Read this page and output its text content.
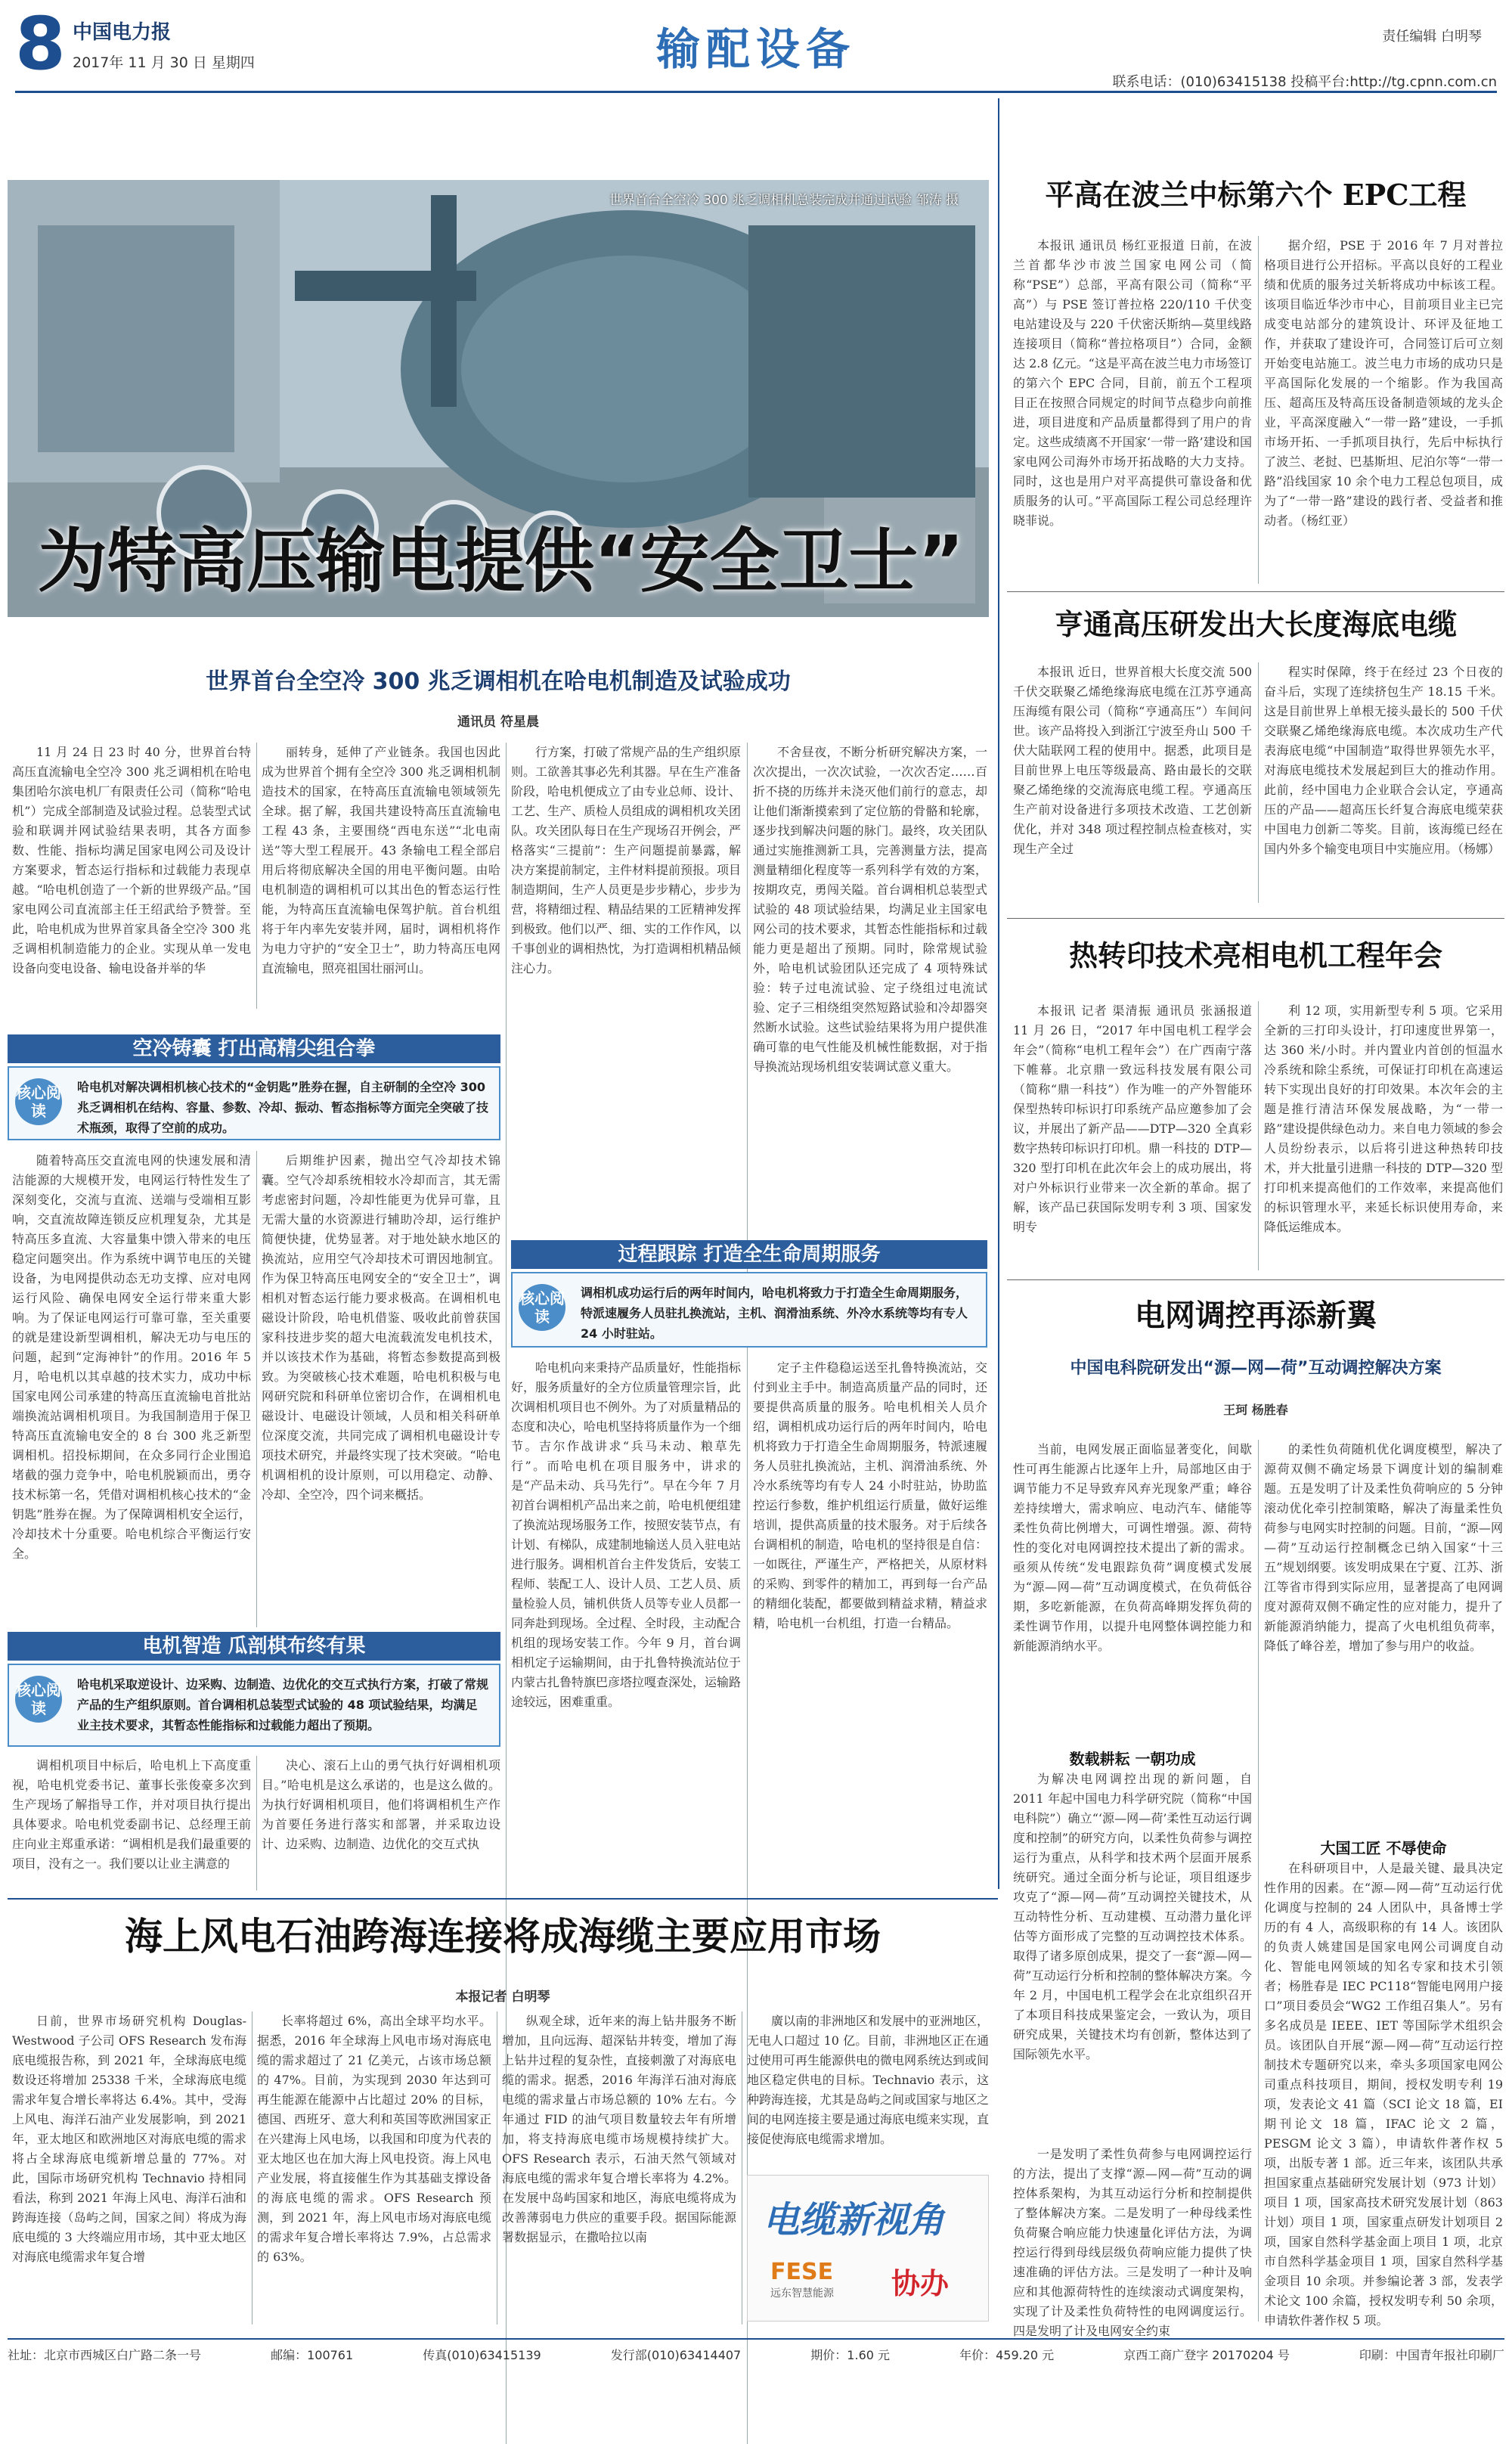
8 中国电力报
2017年 11 月 30 日 星期四	输配设备	责任编辑 白明琴
联系电话：(010)63415138 投稿平台:http://tg.cpnn.com.cn
世界首台全空冷 300 兆乏调相机总装完成并通过试验 邹涛 摄
为特高压输电提供“安全卫士”
世界首台全空冷 300 兆乏调相机在哈电机制造及试验成功
通讯员 符星晨
11 月 24 日 23 时 40 分，世界首台特高压直流输电全空冷 300 兆乏调相机在哈电集团哈尔滨电机厂有限责任公司（简称“哈电机”）完成全部制造及试验过程。总装型式试验和联调并网试验结果表明，其各方面参数、性能、指标均满足国家电网公司及设计方案要求，暂态运行指标和过载能力表现卓越。“哈电机创造了一个新的世界级产品。”国家电网公司直流部主任王绍武给予赞誉。至此，哈电机成为世界首家具备全空冷 300 兆乏调相机制造能力的企业。实现从单一发电设备向变电设备、输电设备并举的华
丽转身，延伸了产业链条。我国也因此成为世界首个拥有全空冷 300 兆乏调相机制造技术的国家，在特高压直流输电领域领先全球。据了解，我国共建设特高压直流输电工程 43 条，主要围绕“西电东送”“北电南送”等大型工程展开。43 条输电工程全部启用后将彻底解决全国的用电平衡问题。由哈电机制造的调相机可以其出色的暂态运行性能，为特高压直流输电保驾护航。首台机组将于年内率先安装并网，届时，调相机将作为电力守护的“安全卫士”，助力特高压电网直流输电，照亮祖国壮丽河山。
空冷铸囊 打出高精尖组合拳
核心阅读
哈电机对解决调相机核心技术的“金钥匙”胜券在握，自主研制的全空冷 300 兆乏调相机在结构、容量、参数、冷却、振动、暂态指标等方面完全突破了技术瓶颈，取得了空前的成功。
随着特高压交直流电网的快速发展和清洁能源的大规模开发，电网运行特性发生了深刻变化，交流与直流、送端与受端相互影响，交直流故障连锁反应机理复杂，尤其是特高压多直流、大容量集中馈入带来的电压稳定问题突出。作为系统中调节电压的关键设备，为电网提供动态无功支撑、应对电网运行风险、确保电网安全运行带来重大影响。为了保证电网运行可靠可靠，至关重要的就是建设新型调相机，解决无功与电压的问题，起到“定海神针”的作用。2016 年 5 月，哈电机以其卓越的技术实力，成功中标国家电网公司承建的特高压直流输电首批站端换流站调相机项目。为我国制造用于保卫特高压直流输电安全的 8 台 300 兆乏新型调相机。招投标期间，在众多同行企业围追堵截的强力竞争中，哈电机脱颖而出，勇夺技术标第一名，凭借对调相机核心技术的“金钥匙”胜券在握。为了保障调相机安全运行，冷却技术十分重要。哈电机综合平衡运行安全。
后期维护因素，抛出空气冷却技术锦囊。空气冷却系统相较水冷却而言，其无需考虑密封问题，冷却性能更为优异可靠，且无需大量的水资源进行辅助冷却，运行维护简便快捷，优势显著。对于地处缺水地区的换流站，应用空气冷却技术可谓因地制宜。作为保卫特高压电网安全的“安全卫士”，调相机对暂态运行能力要求极高。在调相机电磁设计阶段，哈电机借鉴、吸收此前曾获国家科技进步奖的超大电流载流发电机技术，并以该技术作为基础，将暂态参数提高到极致。为突破核心技术难题，哈电机积极与电网研究院和科研单位密切合作，在调相机电磁设计、电磁设计领域，人员和相关科研单位深度交流，共同完成了调相机电磁设计专项技术研究，并最终实现了技术突破。“哈电机调相机的设计原则，可以用稳定、动静、冷却、全空冷，四个词来概括。
电机智造 瓜剖棋布终有果
核心阅读
哈电机采取逆设计、边采购、边制造、边优化的交互式执行方案，打破了常规产品的生产组织原则。首台调相机总装型式试验的 48 项试验结果，均满足业主技术要求，其暂态性能指标和过载能力超出了预期。
调相机项目中标后，哈电机上下高度重视，哈电机党委书记、董事长张俊豪多次到生产现场了解指导工作，并对项目执行提出具体要求。哈电机党委副书记、总经理王前庄向业主郑重承诺：“调相机是我们最重要的项目，没有之一。我们要以让业主满意的
决心、滚石上山的勇气执行好调相机项目。”哈电机是这么承诺的，也是这么做的。为执行好调相机项目，他们将调相机生产作为首要任务进行落实和部署，并采取边设计、边采购、边制造、边优化的交互式执
行方案，打破了常规产品的生产组织原则。工欲善其事必先利其器。早在生产准备阶段，哈电机便成立了由专业总师、设计、工艺、生产、质检人员组成的调相机攻关团队。攻关团队每日在生产现场召开例会，严格落实“三提前”：生产问题提前暴露，解决方案提前制定，主件材料提前预报。项目制造期间，生产人员更是步步精心，步步为营，将精细过程、精品结果的工匠精神发挥到极致。他们以严、细、实的工作作风，以千事创业的调相热忱，为打造调相机精品倾注心力。
不舍昼夜，不断分析研究解决方案，一次次提出，一次次试验，一次次否定……百折不挠的历练并未浇灭他们前行的意志，却让他们渐渐摸索到了定位筋的骨骼和轮廓，逐步找到解决问题的脉门。最终，攻关团队通过实施推测新工具，完善测量方法，提高测量精细化程度等一系列科学有效的方案，按期攻克，勇闯关隘。首台调相机总装型式试验的 48 项试验结果，均满足业主国家电网公司的技术要求，其暂态性能指标和过载能力更是超出了预期。同时，除常规试验外，哈电机试验团队还完成了 4 项特殊试验：转子过电流试验、定子绕组过电流试验、定子三相绕组突然短路试验和冷却器突然断水试验。这些试验结果将为用户提供准确可靠的电气性能及机械性能数据，对于指导换流站现场机组安装调试意义重大。
过程跟踪 打造全生命周期服务
核心阅读
调相机成功运行后的两年时间内，哈电机将致力于打造全生命周期服务，特派速履务人员驻扎换流站，主机、润滑油系统、外冷水系统等均有专人 24 小时驻站。
哈电机向来秉持产品质量好，性能指标好，服务质量好的全方位质量管理宗旨，此次调相机项目也不例外。为了对质量精品的态度和决心，哈电机坚持将质量作为一个细节。吉尔作战讲求“兵马未动、粮草先行”。而哈电机在项目服务中，讲求的是“产品未动、兵马先行”。早在今年 7 月初首台调相机产品出来之前，哈电机便组建了换流站现场服务工作，按照安装节点，有计划、有梯队，成建制地输送人员入驻电站进行服务。调相机首台主件发货后，安装工程师、装配工人、设计人员、工艺人员、质量检验人员，铺机供货人员等专业人员都一同奔赴到现场。全过程、全时段，主动配合机组的现场安装工作。今年 9 月，首台调相机定子运输期间，由于扎鲁特换流站位于内蒙古扎鲁特旗巴彦塔拉嘎查深处，运输路途较远，困难重重。
定子主件稳稳运送至扎鲁特换流站，交付到业主手中。制造高质量产品的同时，还要提供高质量的服务。哈电机相关人员介绍，调相机成功运行后的两年时间内，哈电机将致力于打造全生命周期服务，特派速履务人员驻扎换流站，主机、润滑油系统、外冷水系统等均有专人 24 小时驻站，协助监控运行参数，维护机组运行质量，做好运维培训，提供高质量的技术服务。对于后续各台调相机的制造，哈电机的坚持很是自信：一如既往，严谨生产，严格把关，从原材料的采购、到零件的精加工，再到每一台产品的精细化装配，都要做到精益求精，精益求精，哈电机一台机组，打造一台精品。
平高在波兰中标第六个 EPC工程
本报讯 通讯员 杨红亚报道 日前，在波兰首都华沙市波兰国家电网公司（简称“PSE”）总部，平高有限公司（简称“平高”）与 PSE 签订普拉格 220/110 千伏变电站建设及与 220 千伏密沃斯纳—莫里线路连接项目（简称“普拉格项目”）合同，金额达 2.8 亿元。“这是平高在波兰电力市场签订的第六个 EPC 合同，目前，前五个工程项目正在按照合同规定的时间节点稳步向前推进，项目进度和产品质量都得到了用户的肯定。这些成绩离不开国家‘一带一路’建设和国家电网公司海外市场开拓战略的大力支持。同时，这也是用户对平高提供可靠设备和优质服务的认可。”平高国际工程公司总经理许晓菲说。
据介绍，PSE 于 2016 年 7 月对普拉格项目进行公开招标。平高以良好的工程业绩和优质的服务过关斩将成功中标该工程。该项目临近华沙市中心，目前项目业主已完成变电站部分的建筑设计、环评及征地工作，并获取了建设许可，合同签订后可立刻开始变电站施工。波兰电力市场的成功只是平高国际化发展的一个缩影。作为我国高压、超高压及特高压设备制造领域的龙头企业，平高深度融入“一带一路”建设，一手抓市场开拓、一手抓项目执行，先后中标执行了波兰、老挝、巴基斯坦、尼泊尔等“一带一路”沿线国家 10 余个电力工程总包项目，成为了“一带一路”建设的践行者、受益者和推动者。（杨红亚）
亨通高压研发出大长度海底电缆
本报讯 近日，世界首根大长度交流 500 千伏交联聚乙烯绝缘海底电缆在江苏亨通高压海缆有限公司（简称“亨通高压”）车间问世。该产品将投入到浙江宁波至舟山 500 千伏大陆联网工程的使用中。据悉，此项目是目前世界上电压等级最高、路由最长的交联聚乙烯绝缘的交流海底电缆工程。亨通高压生产前对设备进行多项技术改造、工艺创新优化，并对 348 项过程控制点检查核对，实现生产全过
程实时保障，终于在经过 23 个日夜的奋斗后，实现了连续挤包生产 18.15 千米。这是目前世界上单根无接头最长的 500 千伏交联聚乙烯绝缘海底电缆。本次成功生产代表海底电缆“中国制造”取得世界领先水平，对海底电缆技术发展起到巨大的推动作用。此前，经中国电力企业联合会认定，亨通高压的产品——超高压长纤复合海底电缆荣获中国电力创新二等奖。目前，该海缆已经在国内外多个输变电项目中实施应用。（杨娜）
热转印技术亮相电机工程年会
本报讯 记者 渠清振 通讯员 张涵报道 11 月 26 日，“2017 年中国电机工程学会年会”（简称“电机工程年会”）在广西南宁落下帷幕。北京鼎一致远科技发展有限公司（简称“鼎一科技”）作为唯一的产外智能环保型热转印标识打印系统产品应邀参加了会议，并展出了新产品——DTP—320 全真彩数字热转印标识打印机。鼎一科技的 DTP—320 型打印机在此次年会上的成功展出，将对户外标识行业带来一次全新的革命。据了解，该产品已获国际发明专利 3 项、国家发明专
利 12 项，实用新型专利 5 项。它采用全新的三打印头设计，打印速度世界第一，达 360 米/小时。并内置业内首创的恒温水冷系统和除尘系统，可保证打印机在高速运转下实现出良好的打印效果。本次年会的主题是推行清洁环保发展战略，为“一带一路”建设提供绿色动力。来自电力领域的参会人员纷纷表示，以后将引进这种热转印技术，并大批量引进鼎一科技的 DTP—320 型打印机来提高他们的工作效率，来提高他们的标识管理水平，来延长标识使用寿命，来降低运维成本。
电网调控再添新翼
中国电科院研发出“源—网—荷”互动调控解决方案
王珂 杨胜春
当前，电网发展正面临显著变化，间歇性可再生能源占比逐年上升，局部地区由于调节能力不足导致弃风弃光现象严重；峰谷差持续增大，需求响应、电动汽车、储能等柔性负荷比例增大，可调性增强。源、荷特性的变化对电网调控技术提出了新的需求。亟须从传统“发电跟踪负荷”调度模式发展为“源—网—荷”互动调度模式，在负荷低谷期，多吃新能源，在负荷高峰期发挥负荷的柔性调节作用，以提升电网整体调控能力和新能源消纳水平。
数载耕耘 一朝功成
为解决电网调控出现的新问题，自 2011 年起中国电力科学研究院（简称“中国电科院”）确立“‘源—网—荷’柔性互动运行调度和控制”的研究方向，以柔性负荷参与调控运行为重点，从科学和技术两个层面开展系统研究。通过全面分析与论证，项目组逐步攻克了“源—网—荷”互动调控关键技术，从互动特性分析、互动建模、互动潜力量化评估等方面形成了完整的互动调控技术体系。取得了诸多原创成果，提交了一套“源—网—荷”互动运行分析和控制的整体解决方案。今年 2 月，中国电机工程学会在北京组织召开了本项目科技成果鉴定会，一致认为，项目研究成果，关键技术均有创新，整体达到了国际领先水平。
一是发明了柔性负荷参与电网调控运行的方法，提出了支撑“源—网—荷”互动的调控体系架构，为其互动运行分析和控制提供了整体解决方案。二是发明了一种母线柔性负荷聚合响应能力快速量化评估方法，为调控运行得到母线层级负荷响应能力提供了快速准确的评估方法。三是发明了一种计及响应和其他源荷特性的连续滚动式调度架构，实现了计及柔性负荷特性的电网调度运行。四是发明了计及电网安全约束
的柔性负荷随机优化调度模型，解决了源荷双侧不确定场景下调度计划的编制难题。五是发明了计及柔性负荷响应的 5 分钟滚动优化牵引控制策略，解决了海量柔性负荷参与电网实时控制的问题。目前，“源—网—荷”互动运行控制概念已纳入国家“十三五”规划纲要。该发明成果在宁夏、江苏、浙江等省市得到实际应用，显著提高了电网调度对源荷双侧不确定性的应对能力，提升了新能源消纳能力，提高了火电机组负荷率，降低了峰谷差，增加了参与用户的收益。
大国工匠 不辱使命
在科研项目中，人是最关键、最具决定性作用的因素。在“源—网—荷”互动运行优化调度与控制的 24 人团队中，具备博士学历的有 4 人，高级职称的有 14 人。该团队的负责人姚建国是国家电网公司调度自动化、智能电网领域的知名专家和技术引领者；杨胜春是 IEC PC118“智能电网用户接口”项目委员会“WG2 工作组召集人”。另有多名成员是 IEEE、IET 等国际学术组织会员。该团队自开展“源—网—荷”互动运行控制技术专题研究以来，牵头多项国家电网公司重点科技项目，期间，授权发明专利 19 项，发表论文 41 篇（SCI 论文 18 篇，EI 期刊论文 18 篇，IFAC 论文 2 篇，PESGM 论文 3 篇），申请软件著作权 5 项，出版专著 1 部。近三年来，该团队共承担国家重点基础研究发展计划（973 计划）项目 1 项，国家高技术研究发展计划（863 计划）项目 1 项，国家重点研发计划项目 2 项，国家自然科学基金面上项目 1 项，北京市自然科学基金项目 1 项，国家自然科学基金项目 10 余项。并参编论著 3 部，发表学术论文 100 余篇，授权发明专利 50 余项，申请软件著作权 5 项。
海上风电石油跨海连接将成海缆主要应用市场
本报记者 白明琴
日前，世界市场研究机构 Douglas-Westwood 子公司 OFS Research 发布海底电缆报告称，到 2021 年，全球海底电缆数设还将增加 25338 千米，全球海底电缆需求年复合增长率将达 6.4%。其中，受海上风电、海洋石油产业发展影响，到 2021 年，亚太地区和欧洲地区对海底电缆的需求将占全球海底电缆新增总量的 77%。对此，国际市场研究机构 Technavio 持相同看法，称到 2021 年海上风电、海洋石油和跨海连接（岛屿之间，国家之间）将成为海底电缆的 3 大终端应用市场，其中亚太地区对海底电缆需求年复合增
长率将超过 6%，高出全球平均水平。据悉，2016 年全球海上风电市场对海底电缆的需求超过了 21 亿美元，占该市场总额的 47%。目前，为实现到 2030 年达到可再生能源在能源中占比超过 20% 的目标，德国、西班牙、意大利和英国等欧洲国家正在兴建海上风电场，以我国和印度为代表的亚太地区也在加大海上风电投资。海上风电产业发展，将直接催生作为其基础支撑设备的海底电缆的需求。OFS Research 预测，到 2021 年，海上风电市场对海底电缆的需求年复合增长率将达 7.9%，占总需求的 63%。
纵观全球，近年来的海上钻井服务不断增加，且向远海、超深钻井转变，增加了海上钻井过程的复杂性，直接刺激了对海底电缆的需求。据悉，2016 年海洋石油对海底电缆的需求量占市场总额的 10% 左右。今年通过 FID 的油气项目数量较去年有所增加，将支持海底电缆市场规模持续扩大。OFS Research 表示，石油天然气领域对海底电缆的需求年复合增长率将为 4.2%。在发展中岛屿国家和地区，海底电缆将成为改善薄弱电力供应的重要手段。据国际能源署数据显示，在撒哈拉以南
廣以南的非洲地区和发展中的亚洲地区，无电人口超过 10 亿。目前，非洲地区正在通过使用可再生能源供电的微电网系统达到或间地区稳定供电的目标。Technavio 表示，这种跨海连接，尤其是岛屿之间或国家与地区之间的电网连接主要是通过海底电缆来实现，直接促使海底电缆需求增加。
电缆新视角
FESE
远东智慧能源	协办
社址：北京市西城区白广路二条一号	邮编：100761	传真(010)63415139	发行部(010)63414407	期价：1.60 元	年价：459.20 元	京西工商广登字 20170204 号	印刷：中国青年报社印刷厂
